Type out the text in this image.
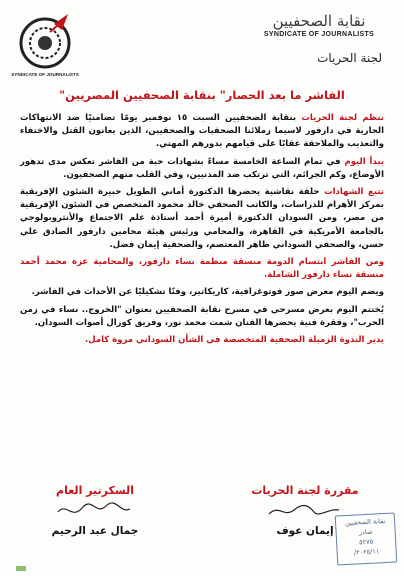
SYNDICATE OF JOURNALISTS
نقابة الصحفيين
SYNDICATE OF JOURNALISTS
لجنة الحريات
"الفاشر ما بعد الحصار" بنقابة الصحفيين المصريين

تنظم لجنة الحريات بنقابة الصحفيين السبت ١٥ نوفمبر يومًا تضامنيًا ضد الانتهاكات الجارية في دارفور لاسيما زملائنا الصحفيات والصحفيين، الذين يعانون القتل والاختفاء والتعذيب والملاحقة عقابًا على قيامهم بدورهم المهني.

يبدأ اليوم في تمام الساعة الخامسة مساءً بشهادات حية من الفاشر تعكس مدى تدهور الأوضاع، وكم الجرائم، التي ترتكب ضد المدنيين، وفي القلب منهم الصحفيون.

تتبع الشهادات حلقة نقاشية يحضرها الدكتورة أماني الطويل خبيرة الشئون الإفريقية بمركز الأهرام للدراسات، والكاتب الصحفي خالد محمود المتخصص في الشئون الإفريقية من مصر، ومن السودان الدكتورة أميرة أحمد أستاذة علم الاجتماع والأنثروبولوجي بالجامعة الأمريكية في القاهرة، والمحامي ورئيس هيئة محامين دارفور الصادق علي حسن، والصحفي السوداني طاهر المعتصم، والصحفية إيمان فضل.

ومن الفاشر ابتسام الدومة منسقة منظمة نساء دارفور، والمحامية عزة محمد أحمد منسقة نساء دارفور الشاملة.

ويضم اليوم معرض صور فوتوغرافية، كاريكاتير، وفنًا تشكيليًا عن الأحداث في الفاشر.

يُختتم اليوم بعرض مسرحي في مسرح نقابة الصحفيين بعنوان "الخروج.. نساء في زمن الحرب"، وفقرة فنية يحضرها الفنان شمت محمد نور، وفريق كورال أصوات السودان.

يدير الندوة الزميلة الصحفية المتخصصة في الشأن السوداني مروة كامل.

مقررة لجنة الحريات
إيمان عوف
السكرتير العام
جمال عبد الرحيم
نقابة الصحفيين
صادر
٥٢٧٥
٢٠٢٥/١١/
